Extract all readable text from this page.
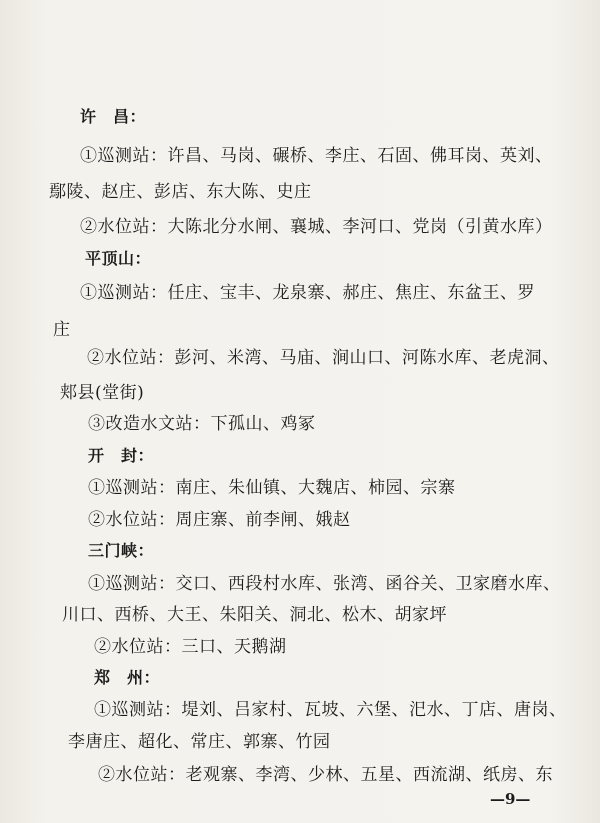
许　昌：
①巡测站：许昌、马岗、碾桥、李庄、石固、佛耳岗、英刘、
鄢陵、赵庄、彭店、东大陈、史庄
②水位站：大陈北分水闸、襄城、李河口、党岗（引黄水库）
平顶山：
①巡测站：任庄、宝丰、龙泉寨、郝庄、焦庄、东盆王、罗
庄
②水位站：彭河、米湾、马庙、涧山口、河陈水库、老虎洞、
郏县(堂街)
③改造水文站：下孤山、鸡冢
开　封：
①巡测站：南庄、朱仙镇、大魏店、柿园、宗寨
②水位站：周庄寨、前李闸、娥赵
三门峡：
①巡测站：交口、西段村水库、张湾、函谷关、卫家磨水库、
川口、西桥、大王、朱阳关、洞北、松木、胡家坪
②水位站：三口、天鹅湖
郑　州：
①巡测站：堤刘、吕家村、瓦坡、六堡、汜水、丁店、唐岗、
李唐庄、超化、常庄、郭寨、竹园
②水位站：老观寨、李湾、少林、五星、西流湖、纸房、东
—9—
